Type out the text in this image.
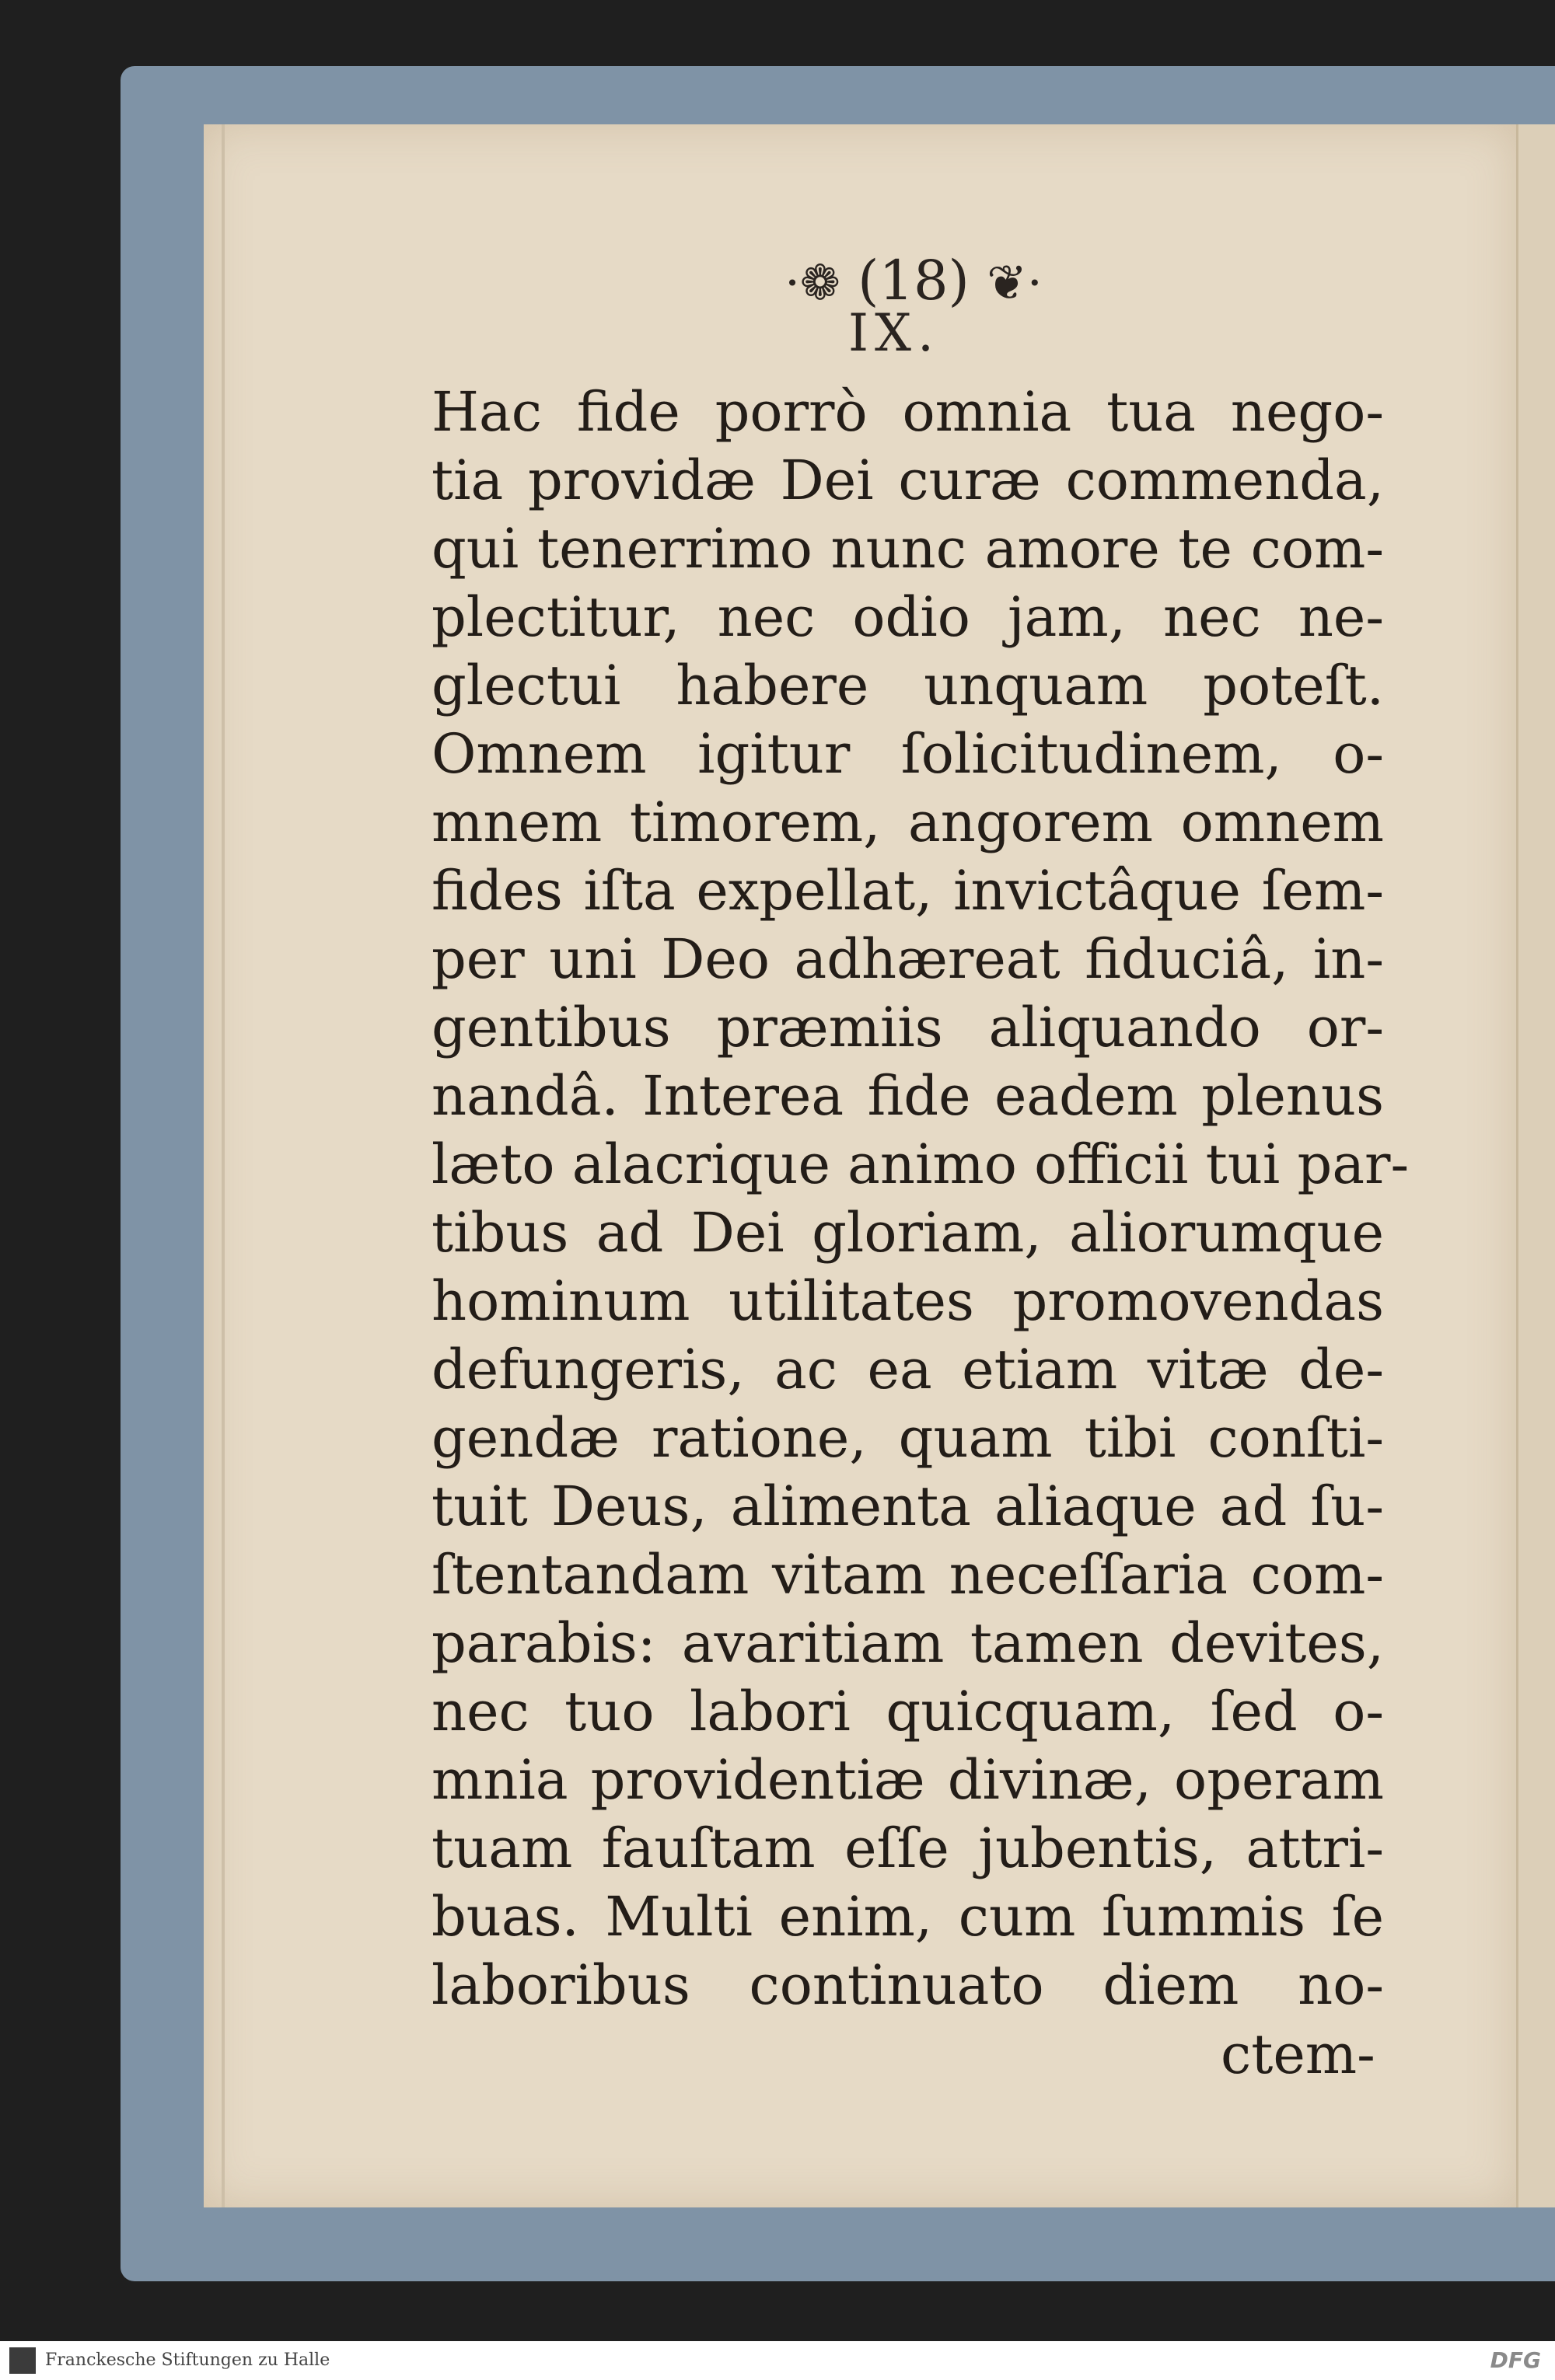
·❁ (18) ❦·
IX.
Hac fide porrò omnia tua nego-
tia providæ Dei curæ commenda,
qui tenerrimo nunc amore te com-
plectitur, nec odio jam, nec ne-
glectui habere unquam poteſt.
Omnem igitur ſolicitudinem, o-
mnem timorem, angorem omnem
fides iſta expellat, invictâque ſem-
per uni Deo adhæreat fiduciâ, in-
gentibus præmiis aliquando or-
nandâ. Interea fide eadem plenus
læto alacrique animo officii tui par-
tibus ad Dei gloriam, aliorumque
hominum utilitates promovendas
defungeris, ac ea etiam vitæ de-
gendæ ratione, quam tibi conſti-
tuit Deus, alimenta aliaque ad ſu-
ſtentandam vitam neceſſaria com-
parabis: avaritiam tamen devites,
nec tuo labori quicquam, ſed o-
mnia providentiæ divinæ, operam
tuam fauſtam eſſe jubentis, attri-
buas. Multi enim, cum ſummis ſe
laboribus continuato diem no-
ctem-
Franckesche Stiftungen zu Halle	DFG
